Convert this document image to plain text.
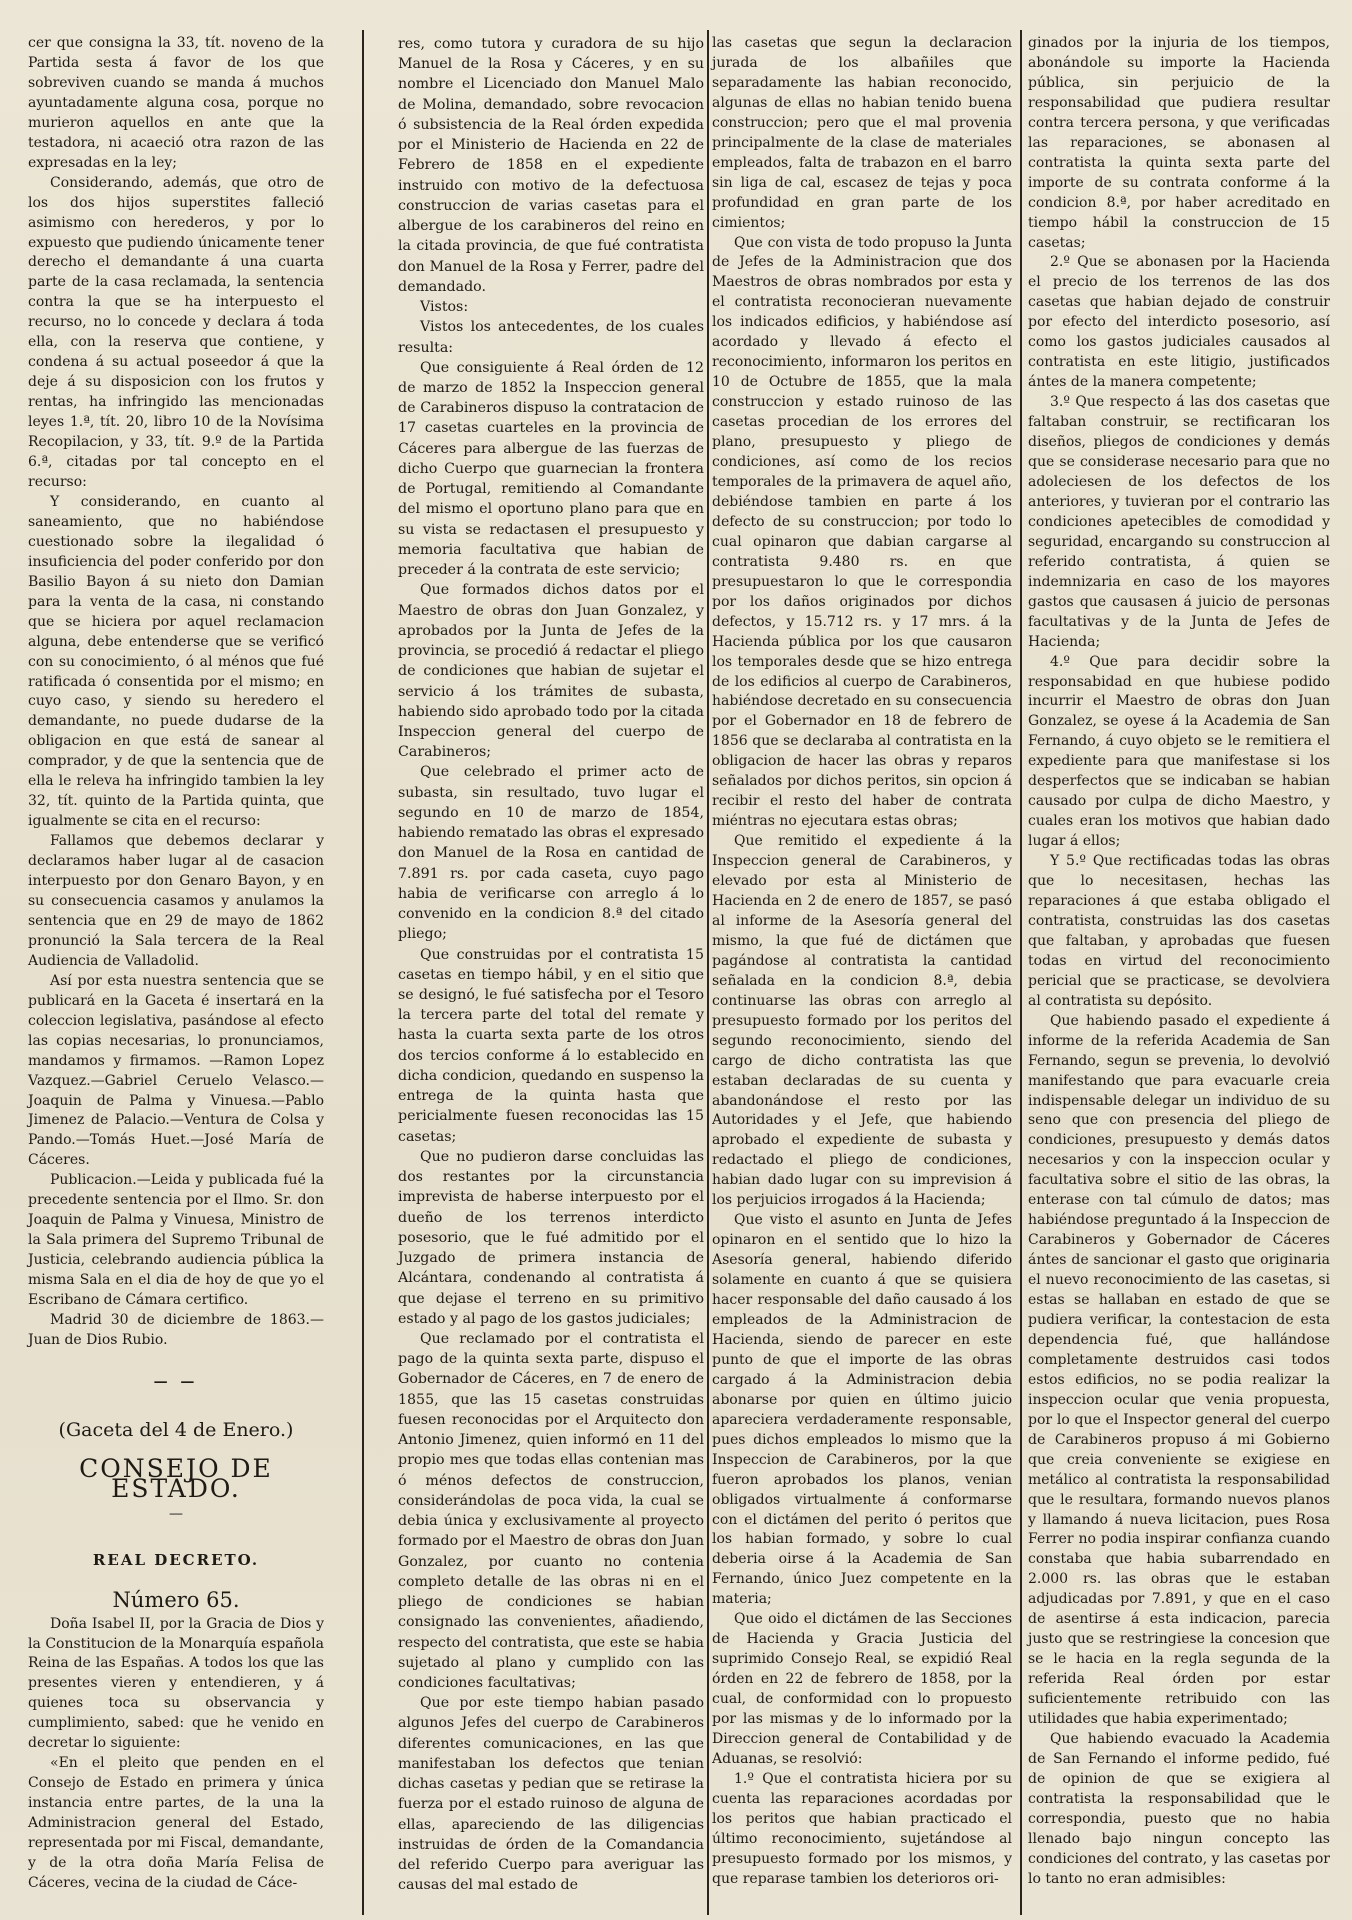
cer que consigna la 33, tít. noveno de la Partida sesta á favor de los que sobreviven cuando se manda á muchos ayuntadamente alguna cosa, porque no murieron aquellos en ante que la testadora, ni acaeció otra razon de las expresadas en la ley;

Considerando, además, que otro de los dos hijos superstites falleció asimismo con herederos, y por lo expuesto que pudiendo únicamente tener derecho el demandante á una cuarta parte de la casa reclamada, la sentencia contra la que se ha interpuesto el recurso, no lo concede y declara á toda ella, con la reserva que contiene, y condena á su actual poseedor á que la deje á su disposicion con los frutos y rentas, ha infringido las mencionadas leyes 1.ª, tít. 20, libro 10 de la Novísima Recopilacion, y 33, tít. 9.º de la Partida 6.ª, citadas por tal concepto en el recurso:

Y considerando, en cuanto al saneamiento, que no habiéndose cuestionado sobre la ilegalidad ó insuficiencia del poder conferido por don Basilio Bayon á su nieto don Damian para la venta de la casa, ni constando que se hiciera por aquel reclamacion alguna, debe entenderse que se verificó con su conocimiento, ó al ménos que fué ratificada ó consentida por el mismo; en cuyo caso, y siendo su heredero el demandante, no puede dudarse de la obligacion en que está de sanear al comprador, y de que la sentencia que de ella le releva ha infringido tambien la ley 32, tít. quinto de la Partida quinta, que igualmente se cita en el recurso:

Fallamos que debemos declarar y declaramos haber lugar al de casacion interpuesto por don Genaro Bayon, y en su consecuencia casamos y anulamos la sentencia que en 29 de mayo de 1862 pronunció la Sala tercera de la Real Audiencia de Valladolid.

Así por esta nuestra sentencia que se publicará en la Gaceta é insertará en la coleccion legislativa, pasándose al efecto las copias necesarias, lo pronunciamos, mandamos y firmamos. —Ramon Lopez Vazquez.—Gabriel Ceruelo Velasco.—Joaquin de Palma y Vinuesa.—Pablo Jimenez de Palacio.—Ventura de Colsa y Pando.—Tomás Huet.—José María de Cáceres.

Publicacion.—Leida y publicada fué la precedente sentencia por el Ilmo. Sr. don Joaquin de Palma y Vinuesa, Ministro de la Sala primera del Supremo Tribunal de Justicia, celebrando audiencia pública la misma Sala en el dia de hoy de que yo el Escribano de Cámara certifico.

Madrid 30 de diciembre de 1863.— Juan de Dios Rubio.

— —
(Gaceta del 4 de Enero.)
CONSEJO DE ESTADO.
—
REAL DECRETO.
Número 65.

Doña Isabel II, por la Gracia de Dios y la Constitucion de la Monarquía española Reina de las Españas. A todos los que las presentes vieren y entendieren, y á quienes toca su observancia y cumplimiento, sabed: que he venido en decretar lo siguiente:

«En el pleito que penden en el Consejo de Estado en primera y única instancia entre partes, de la una la Administracion general del Estado, representada por mi Fiscal, demandante, y de la otra doña María Felisa de Cáceres, vecina de la ciudad de Cáce-

res, como tutora y curadora de su hijo Manuel de la Rosa y Cáceres, y en su nombre el Licenciado don Manuel Malo de Molina, demandado, sobre revocacion ó subsistencia de la Real órden expedida por el Ministerio de Hacienda en 22 de Febrero de 1858 en el expediente instruido con motivo de la defectuosa construccion de varias casetas para el albergue de los carabineros del reino en la citada provincia, de que fué contratista don Manuel de la Rosa y Ferrer, padre del demandado.

Vistos:

Vistos los antecedentes, de los cuales resulta:

Que consiguiente á Real órden de 12 de marzo de 1852 la Inspeccion general de Carabineros dispuso la contratacion de 17 casetas cuarteles en la provincia de Cáceres para albergue de las fuerzas de dicho Cuerpo que guarnecian la frontera de Portugal, remitiendo al Comandante del mismo el oportuno plano para que en su vista se redactasen el presupuesto y memoria facultativa que habian de preceder á la contrata de este servicio;

Que formados dichos datos por el Maestro de obras don Juan Gonzalez, y aprobados por la Junta de Jefes de la provincia, se procedió á redactar el pliego de condiciones que habian de sujetar el servicio á los trámites de subasta, habiendo sido aprobado todo por la citada Inspeccion general del cuerpo de Carabineros;

Que celebrado el primer acto de subasta, sin resultado, tuvo lugar el segundo en 10 de marzo de 1854, habiendo rematado las obras el expresado don Manuel de la Rosa en cantidad de 7.891 rs. por cada caseta, cuyo pago habia de verificarse con arreglo á lo convenido en la condicion 8.ª del citado pliego;

Que construidas por el contratista 15 casetas en tiempo hábil, y en el sitio que se designó, le fué satisfecha por el Tesoro la tercera parte del total del remate y hasta la cuarta sexta parte de los otros dos tercios conforme á lo establecido en dicha condicion, quedando en suspenso la entrega de la quinta hasta que pericialmente fuesen reconocidas las 15 casetas;

Que no pudieron darse concluidas las dos restantes por la circunstancia imprevista de haberse interpuesto por el dueño de los terrenos interdicto posesorio, que le fué admitido por el Juzgado de primera instancia de Alcántara, condenando al contratista á que dejase el terreno en su primitivo estado y al pago de los gastos judiciales;

Que reclamado por el contratista el pago de la quinta sexta parte, dispuso el Gobernador de Cáceres, en 7 de enero de 1855, que las 15 casetas construidas fuesen reconocidas por el Arquitecto don Antonio Jimenez, quien informó en 11 del propio mes que todas ellas contenian mas ó ménos defectos de construccion, considerándolas de poca vida, la cual se debia única y exclusivamente al proyecto formado por el Maestro de obras don Juan Gonzalez, por cuanto no contenia completo detalle de las obras ni en el pliego de condiciones se habian consignado las convenientes, añadiendo, respecto del contratista, que este se habia sujetado al plano y cumplido con las condiciones facultativas;

Que por este tiempo habian pasado algunos Jefes del cuerpo de Carabineros diferentes comunicaciones, en las que manifestaban los defectos que tenian dichas casetas y pedian que se retirase la fuerza por el estado ruinoso de alguna de ellas, apareciendo de las diligencias instruidas de órden de la Comandancia del referido Cuerpo para averiguar las causas del mal estado de

las casetas que segun la declaracion jurada de los albañiles que separadamente las habian reconocido, algunas de ellas no habian tenido buena construccion; pero que el mal provenia principalmente de la clase de materiales empleados, falta de trabazon en el barro sin liga de cal, escasez de tejas y poca profundidad en gran parte de los cimientos;

Que con vista de todo propuso la Junta de Jefes de la Administracion que dos Maestros de obras nombrados por esta y el contratista reconocieran nuevamente los indicados edificios, y habiéndose así acordado y llevado á efecto el reconocimiento, informaron los peritos en 10 de Octubre de 1855, que la mala construccion y estado ruinoso de las casetas procedian de los errores del plano, presupuesto y pliego de condiciones, así como de los recios temporales de la primavera de aquel año, debiéndose tambien en parte á los defecto de su construccion; por todo lo cual opinaron que dabian cargarse al contratista 9.480 rs. en que presupuestaron lo que le correspondia por los daños originados por dichos defectos, y 15.712 rs. y 17 mrs. á la Hacienda pública por los que causaron los temporales desde que se hizo entrega de los edificios al cuerpo de Carabineros, habiéndose decretado en su consecuencia por el Gobernador en 18 de febrero de 1856 que se declaraba al contratista en la obligacion de hacer las obras y reparos señalados por dichos peritos, sin opcion á recibir el resto del haber de contrata miéntras no ejecutara estas obras;

Que remitido el expediente á la Inspeccion general de Carabineros, y elevado por esta al Ministerio de Hacienda en 2 de enero de 1857, se pasó al informe de la Asesoría general del mismo, la que fué de dictámen que pagándose al contratista la cantidad señalada en la condicion 8.ª, debia continuarse las obras con arreglo al presupuesto formado por los peritos del segundo reconocimiento, siendo del cargo de dicho contratista las que estaban declaradas de su cuenta y abandonándose el resto por las Autoridades y el Jefe, que habiendo aprobado el expediente de subasta y redactado el pliego de condiciones, habian dado lugar con su imprevision á los perjuicios irrogados á la Hacienda;

Que visto el asunto en Junta de Jefes opinaron en el sentido que lo hizo la Asesoría general, habiendo diferido solamente en cuanto á que se quisiera hacer responsable del daño causado á los empleados de la Administracion de Hacienda, siendo de parecer en este punto de que el importe de las obras cargado á la Administracion debia abonarse por quien en último juicio apareciera verdaderamente responsable, pues dichos empleados lo mismo que la Inspeccion de Carabineros, por la que fueron aprobados los planos, venian obligados virtualmente á conformarse con el dictámen del perito ó peritos que los habian formado, y sobre lo cual deberia oirse á la Academia de San Fernando, único Juez competente en la materia;

Que oido el dictámen de las Secciones de Hacienda y Gracia Justicia del suprimido Consejo Real, se expidió Real órden en 22 de febrero de 1858, por la cual, de conformidad con lo propuesto por las mismas y de lo informado por la Direccion general de Contabilidad y de Aduanas, se resolvió:

1.º Que el contratista hiciera por su cuenta las reparaciones acordadas por los peritos que habian practicado el último reconocimiento, sujetándose al presupuesto formado por los mismos, y que reparase tambien los deterioros ori-

ginados por la injuria de los tiempos, abonándole su importe la Hacienda pública, sin perjuicio de la responsabilidad que pudiera resultar contra tercera persona, y que verificadas las reparaciones, se abonasen al contratista la quinta sexta parte del importe de su contrata conforme á la condicion 8.ª, por haber acreditado en tiempo hábil la construccion de 15 casetas;

2.º Que se abonasen por la Hacienda el precio de los terrenos de las dos casetas que habian dejado de construir por efecto del interdicto posesorio, así como los gastos judiciales causados al contratista en este litigio, justificados ántes de la manera competente;

3.º Que respecto á las dos casetas que faltaban construir, se rectificaran los diseños, pliegos de condiciones y demás que se considerase necesario para que no adoleciesen de los defectos de los anteriores, y tuvieran por el contrario las condiciones apetecibles de comodidad y seguridad, encargando su construccion al referido contratista, á quien se indemnizaria en caso de los mayores gastos que causasen á juicio de personas facultativas y de la Junta de Jefes de Hacienda;

4.º Que para decidir sobre la responsabidad en que hubiese podido incurrir el Maestro de obras don Juan Gonzalez, se oyese á la Academia de San Fernando, á cuyo objeto se le remitiera el expediente para que manifestase si los desperfectos que se indicaban se habian causado por culpa de dicho Maestro, y cuales eran los motivos que habian dado lugar á ellos;

Y 5.º Que rectificadas todas las obras que lo necesitasen, hechas las reparaciones á que estaba obligado el contratista, construidas las dos casetas que faltaban, y aprobadas que fuesen todas en virtud del reconocimiento pericial que se practicase, se devolviera al contratista su depósito.

Que habiendo pasado el expediente á informe de la referida Academia de San Fernando, segun se prevenia, lo devolvió manifestando que para evacuarle creia indispensable delegar un individuo de su seno que con presencia del pliego de condiciones, presupuesto y demás datos necesarios y con la inspeccion ocular y facultativa sobre el sitio de las obras, la enterase con tal cúmulo de datos; mas habiéndose preguntado á la Inspeccion de Carabineros y Gobernador de Cáceres ántes de sancionar el gasto que originaria el nuevo reconocimiento de las casetas, si estas se hallaban en estado de que se pudiera verificar, la contestacion de esta dependencia fué, que hallándose completamente destruidos casi todos estos edificios, no se podia realizar la inspeccion ocular que venia propuesta, por lo que el Inspector general del cuerpo de Carabineros propuso á mi Gobierno que creia conveniente se exigiese en metálico al contratista la responsabilidad que le resultara, formando nuevos planos y llamando á nueva licitacion, pues Rosa Ferrer no podia inspirar confianza cuando constaba que habia subarrendado en 2.000 rs. las obras que le estaban adjudicadas por 7.891, y que en el caso de asentirse á esta indicacion, parecia justo que se restringiese la concesion que se le hacia en la regla segunda de la referida Real órden por estar suficientemente retribuido con las utilidades que habia experimentado;

Que habiendo evacuado la Academia de San Fernando el informe pedido, fué de opinion de que se exigiera al contratista la responsabilidad que le correspondia, puesto que no habia llenado bajo ningun concepto las condiciones del contrato, y las casetas por lo tanto no eran admisibles:
